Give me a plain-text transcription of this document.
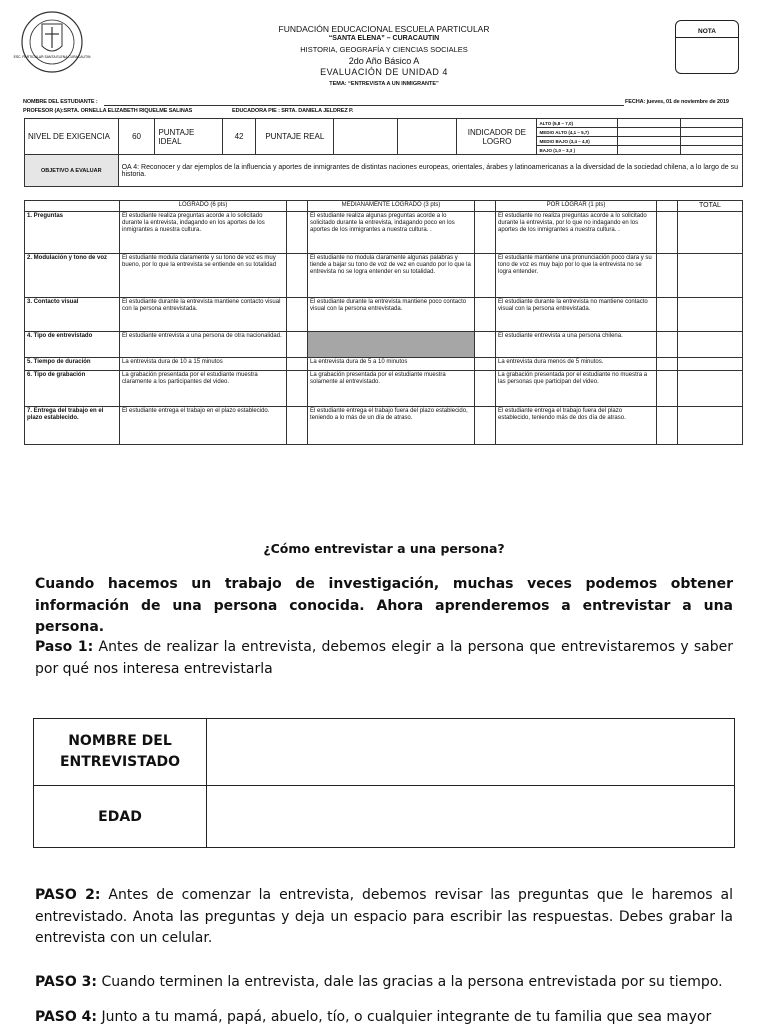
ESC. PARTICULAR SANTA ELENA CURACAUTIN
FUNDACIÓN EDUCACIONAL ESCUELA PARTICULAR
“SANTA ELENA” – CURACAUTIN
HISTORIA, GEOGRAFÍA Y CIENCIAS SOCIALES
2do Año Básico A
EVALUACIÓN DE UNIDAD 4
TEMA: “ENTREVISTA A UN INMIGRANTE”
NOTA
NOMBRE DEL ESTUDIANTE :	FECHA: jueves, 01 de noviembre de 2019
PROFESOR (A):SRTA. ORNELLA ELIZABETH RIQUELME SALINAS	EDUCADORA PIE : SRTA. DANIELA JELDREZ P.
NIVEL DE EXIGENCIA	60	PUNTAJE IDEAL	42	PUNTAJE REAL			INDICADOR DE LOGRO	ALTO (5,8 – 7,0)		
								MEDIO ALTO (4,1 – 5,7)		
								MEDIO BAJO (3,4 – 4,0)		
								BAJO (1,0 – 3,3 )		
OBJETIVO A EVALUAR	OA 4: Reconocer y dar ejemplos de la influencia y aportes de inmigrantes de distintas naciones europeas, orientales, árabes y latinoamericanas a la diversidad de la sociedad chilena, a lo largo de su historia.									
	LOGRADO (6 pts)		MEDIANAMENTE LOGRADO (3 pts)		POR LOGRAR (1 pts)		TOTAL
1. Preguntas	El estudiante realiza preguntas acorde a lo solicitado durante la entrevista, indagando en los aportes de los inmigrantes a nuestra cultura.		El estudiante realiza algunas preguntas acorde a lo solicitado durante la entrevista, indagando poco en los aportes de los inmigrantes a nuestra cultura. .		El estudiante no realiza preguntas acorde a lo solicitado durante la entrevista, por lo que no indagando en los aportes de los inmigrantes a nuestra cultura. .		
2. Modulación y tono de voz	El estudiante modula claramente y su tono de voz es muy bueno, por lo que la entrevista se entiende en su totalidad		El estudiante no modula claramente algunas palabras y tiende a bajar su tono de voz de vez en cuando por lo que la entrevista no se logra entender en su totalidad.		El estudiante mantiene una pronunciación poco clara y su tono de voz es muy bajo por lo que la entrevista no se logra entender.		
3. Contacto visual	El estudiante durante la entrevista mantiene contacto visual con la persona entrevistada.		El estudiante durante la entrevista mantiene poco contacto visual con la persona entrevistada.		El estudiante durante la entrevista no mantiene contacto visual con la persona entrevistada.		
4. Tipo de entrevistado	El estudiante entrevista a una persona de otra nacionalidad.				El estudiante entrevista a una persona chilena.		
5. Tiempo de duración	La entrevista dura de 10 a 15 minutos		La entrevista dura de 5 a 10 minutos		La entrevista dura menos de 5 minutos.		
6. Tipo de grabación	La grabación presentada por el estudiante muestra claramente a los participantes del video.		La grabación presentada por el estudiante muestra solamente al entrevistado.		La grabación presentada por el estudiante no muestra a las personas que participan del video.		
7. Entrega del trabajo en el plazo establecido.	El estudiante entrega el trabajo en el plazo establecido.		El estudiante entrega el trabajo fuera del plazo establecido, teniendo a lo más de un día de atraso.		El estudiante entrega el trabajo fuera del plazo establecido, teniendo más de dos día de atraso.		
¿Cómo entrevistar a una persona?
Cuando hacemos un trabajo de investigación, muchas veces podemos obtener información de una persona conocida. Ahora aprenderemos a entrevistar a una persona.
Paso 1: Antes de realizar la entrevista, debemos elegir a la persona que entrevistaremos y saber por qué nos interesa entrevistarla
NOMBRE DEL ENTREVISTADO	
EDAD	
PASO 2: Antes de comenzar la entrevista, debemos revisar las preguntas que le haremos al entrevistado. Anota las preguntas y deja un espacio para escribir las respuestas. Debes grabar la entrevista con un celular.
PASO 3: Cuando terminen la entrevista, dale las gracias a la persona entrevistada por su tiempo.
PASO 4: Junto a tu mamá, papá, abuelo, tío, o cualquier integrante de tu familia que sea mayor
